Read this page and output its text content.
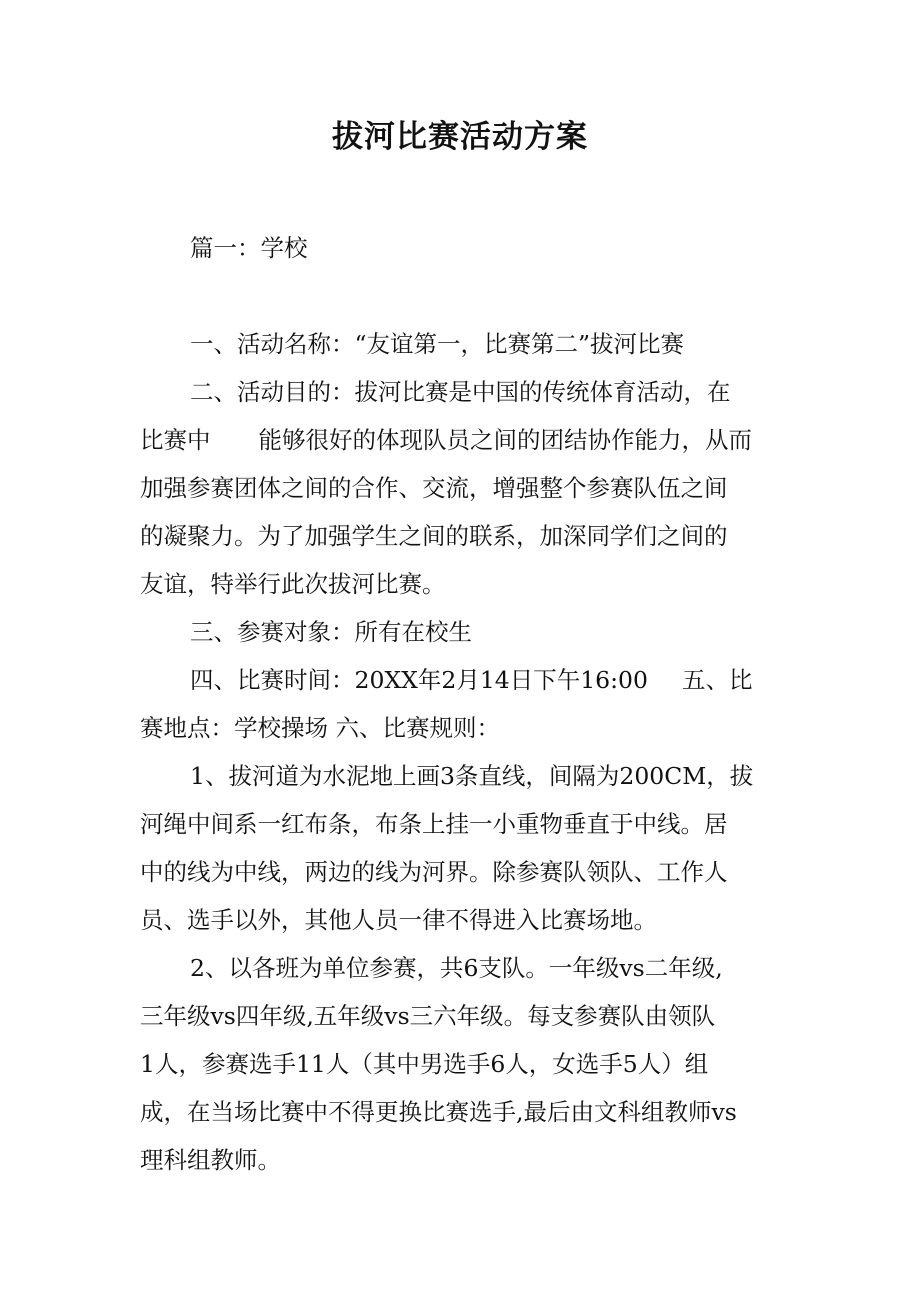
拔河比赛活动方案
篇一：学校
一、活动名称：“友谊第一，比赛第二”拔河比赛
二、活动目的：拔河比赛是中国的传统体育活动，在
比赛中 能够很好的体现队员之间的团结协作能力，从而
加强参赛团体之间的合作、交流，增强整个参赛队伍之间
的凝聚力。为了加强学生之间的联系，加深同学们之间的
友谊，特举行此次拔河比赛。
三、参赛对象：所有在校生
四、比赛时间：20XX年2月14日下午16:00 五、比
赛地点：学校操场 六、比赛规则：
1、拔河道为水泥地上画3条直线，间隔为200CM，拔
河绳中间系一红布条，布条上挂一小重物垂直于中线。居
中的线为中线，两边的线为河界。除参赛队领队、工作人
员、选手以外，其他人员一律不得进入比赛场地。
2、以各班为单位参赛，共6支队。一年级vs二年级,
三年级vs四年级,五年级vs三六年级。每支参赛队由领队
1人，参赛选手11人（其中男选手6人，女选手5人）组
成，在当场比赛中不得更换比赛选手,最后由文科组教师vs
理科组教师。
